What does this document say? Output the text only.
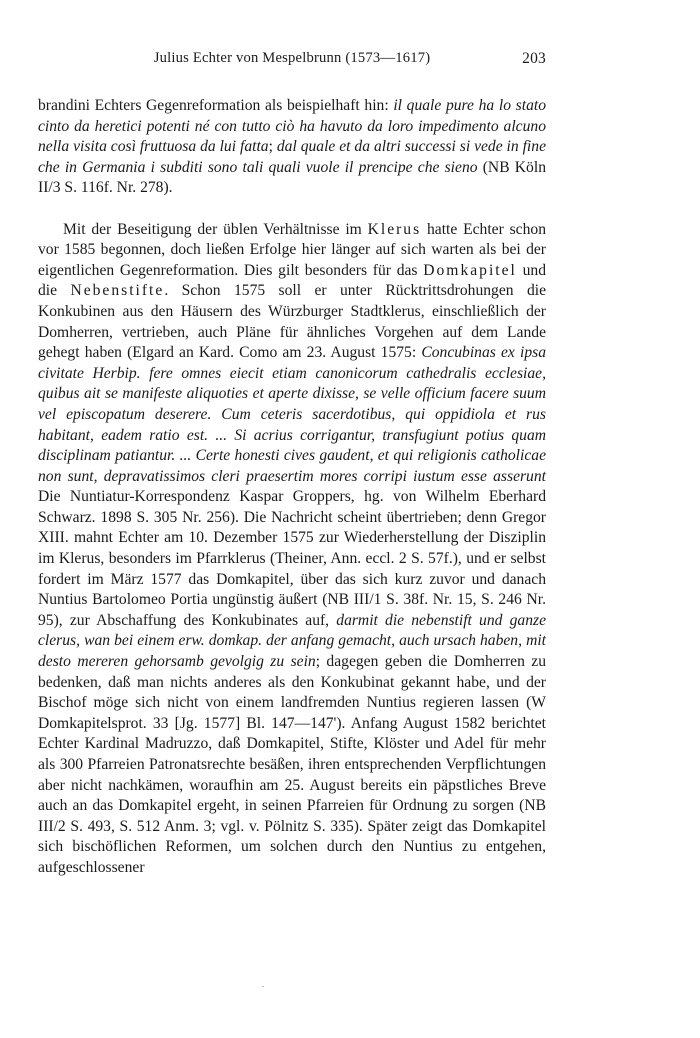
Julius Echter von Mespelbrunn (1573—1617)	203

brandini Echters Gegenreformation als beispielhaft hin: il quale pure ha lo stato cinto da heretici potenti né con tutto ciò ha havuto da loro impedimento alcuno nella visita così fruttuosa da lui fatta; dal quale et da altri successi si vede in fine che in Germania i subditi sono tali quali vuole il prencipe che sieno (NB Köln II/3 S. 116f. Nr. 278).

Mit der Beseitigung der üblen Verhältnisse im Klerus hatte Echter schon vor 1585 begonnen, doch ließen Erfolge hier länger auf sich warten als bei der eigentlichen Gegenreformation. Dies gilt besonders für das Domkapitel und die Nebenstifte. Schon 1575 soll er unter Rücktrittsdrohungen die Konkubinen aus den Häusern des Würzburger Stadtklerus, einschließlich der Domherren, vertrieben, auch Pläne für ähnliches Vorgehen auf dem Lande gehegt haben (Elgard an Kard. Como am 23. August 1575: Concubinas ex ipsa civitate Herbip. fere omnes eiecit etiam canonicorum cathedralis ecclesiae, quibus ait se manifeste aliquoties et aperte dixisse, se velle officium facere suum vel episcopatum deserere. Cum ceteris sacerdotibus, qui oppidiola et rus habitant, eadem ratio est. ... Si acrius corrigantur, transfugiunt potius quam disciplinam patiantur. ... Certe honesti cives gaudent, et qui religionis catholicae non sunt, depravatissimos cleri praesertim mores corripi iustum esse asserunt Die Nuntiatur-Korrespondenz Kaspar Groppers, hg. von Wilhelm Eberhard Schwarz. 1898 S. 305 Nr. 256). Die Nachricht scheint übertrieben; denn Gregor XIII. mahnt Echter am 10. Dezember 1575 zur Wiederherstellung der Disziplin im Klerus, besonders im Pfarrklerus (Theiner, Ann. eccl. 2 S. 57f.), und er selbst fordert im März 1577 das Domkapitel, über das sich kurz zuvor und danach Nuntius Bartolomeo Portia ungünstig äußert (NB III/1 S. 38f. Nr. 15, S. 246 Nr. 95), zur Abschaffung des Konkubinates auf, darmit die nebenstift und ganze clerus, wan bei einem erw. domkap. der anfang gemacht, auch ursach haben, mit desto mereren gehorsamb gevolgig zu sein; dagegen geben die Domherren zu bedenken, daß man nichts anderes als den Konkubinat gekannt habe, und der Bischof möge sich nicht von einem landfremden Nuntius regieren lassen (W Domkapitelsprot. 33 [Jg. 1577] Bl. 147—147'). Anfang August 1582 berichtet Echter Kardinal Madruzzo, daß Domkapitel, Stifte, Klöster und Adel für mehr als 300 Pfarreien Patronatsrechte besäßen, ihren entsprechenden Verpflichtungen aber nicht nachkämen, woraufhin am 25. August bereits ein päpstliches Breve auch an das Domkapitel ergeht, in seinen Pfarreien für Ordnung zu sorgen (NB III/2 S. 493, S. 512 Anm. 3; vgl. v. Pölnitz S. 335). Später zeigt das Domkapitel sich bischöflichen Reformen, um solchen durch den Nuntius zu entgehen, aufgeschlossener
